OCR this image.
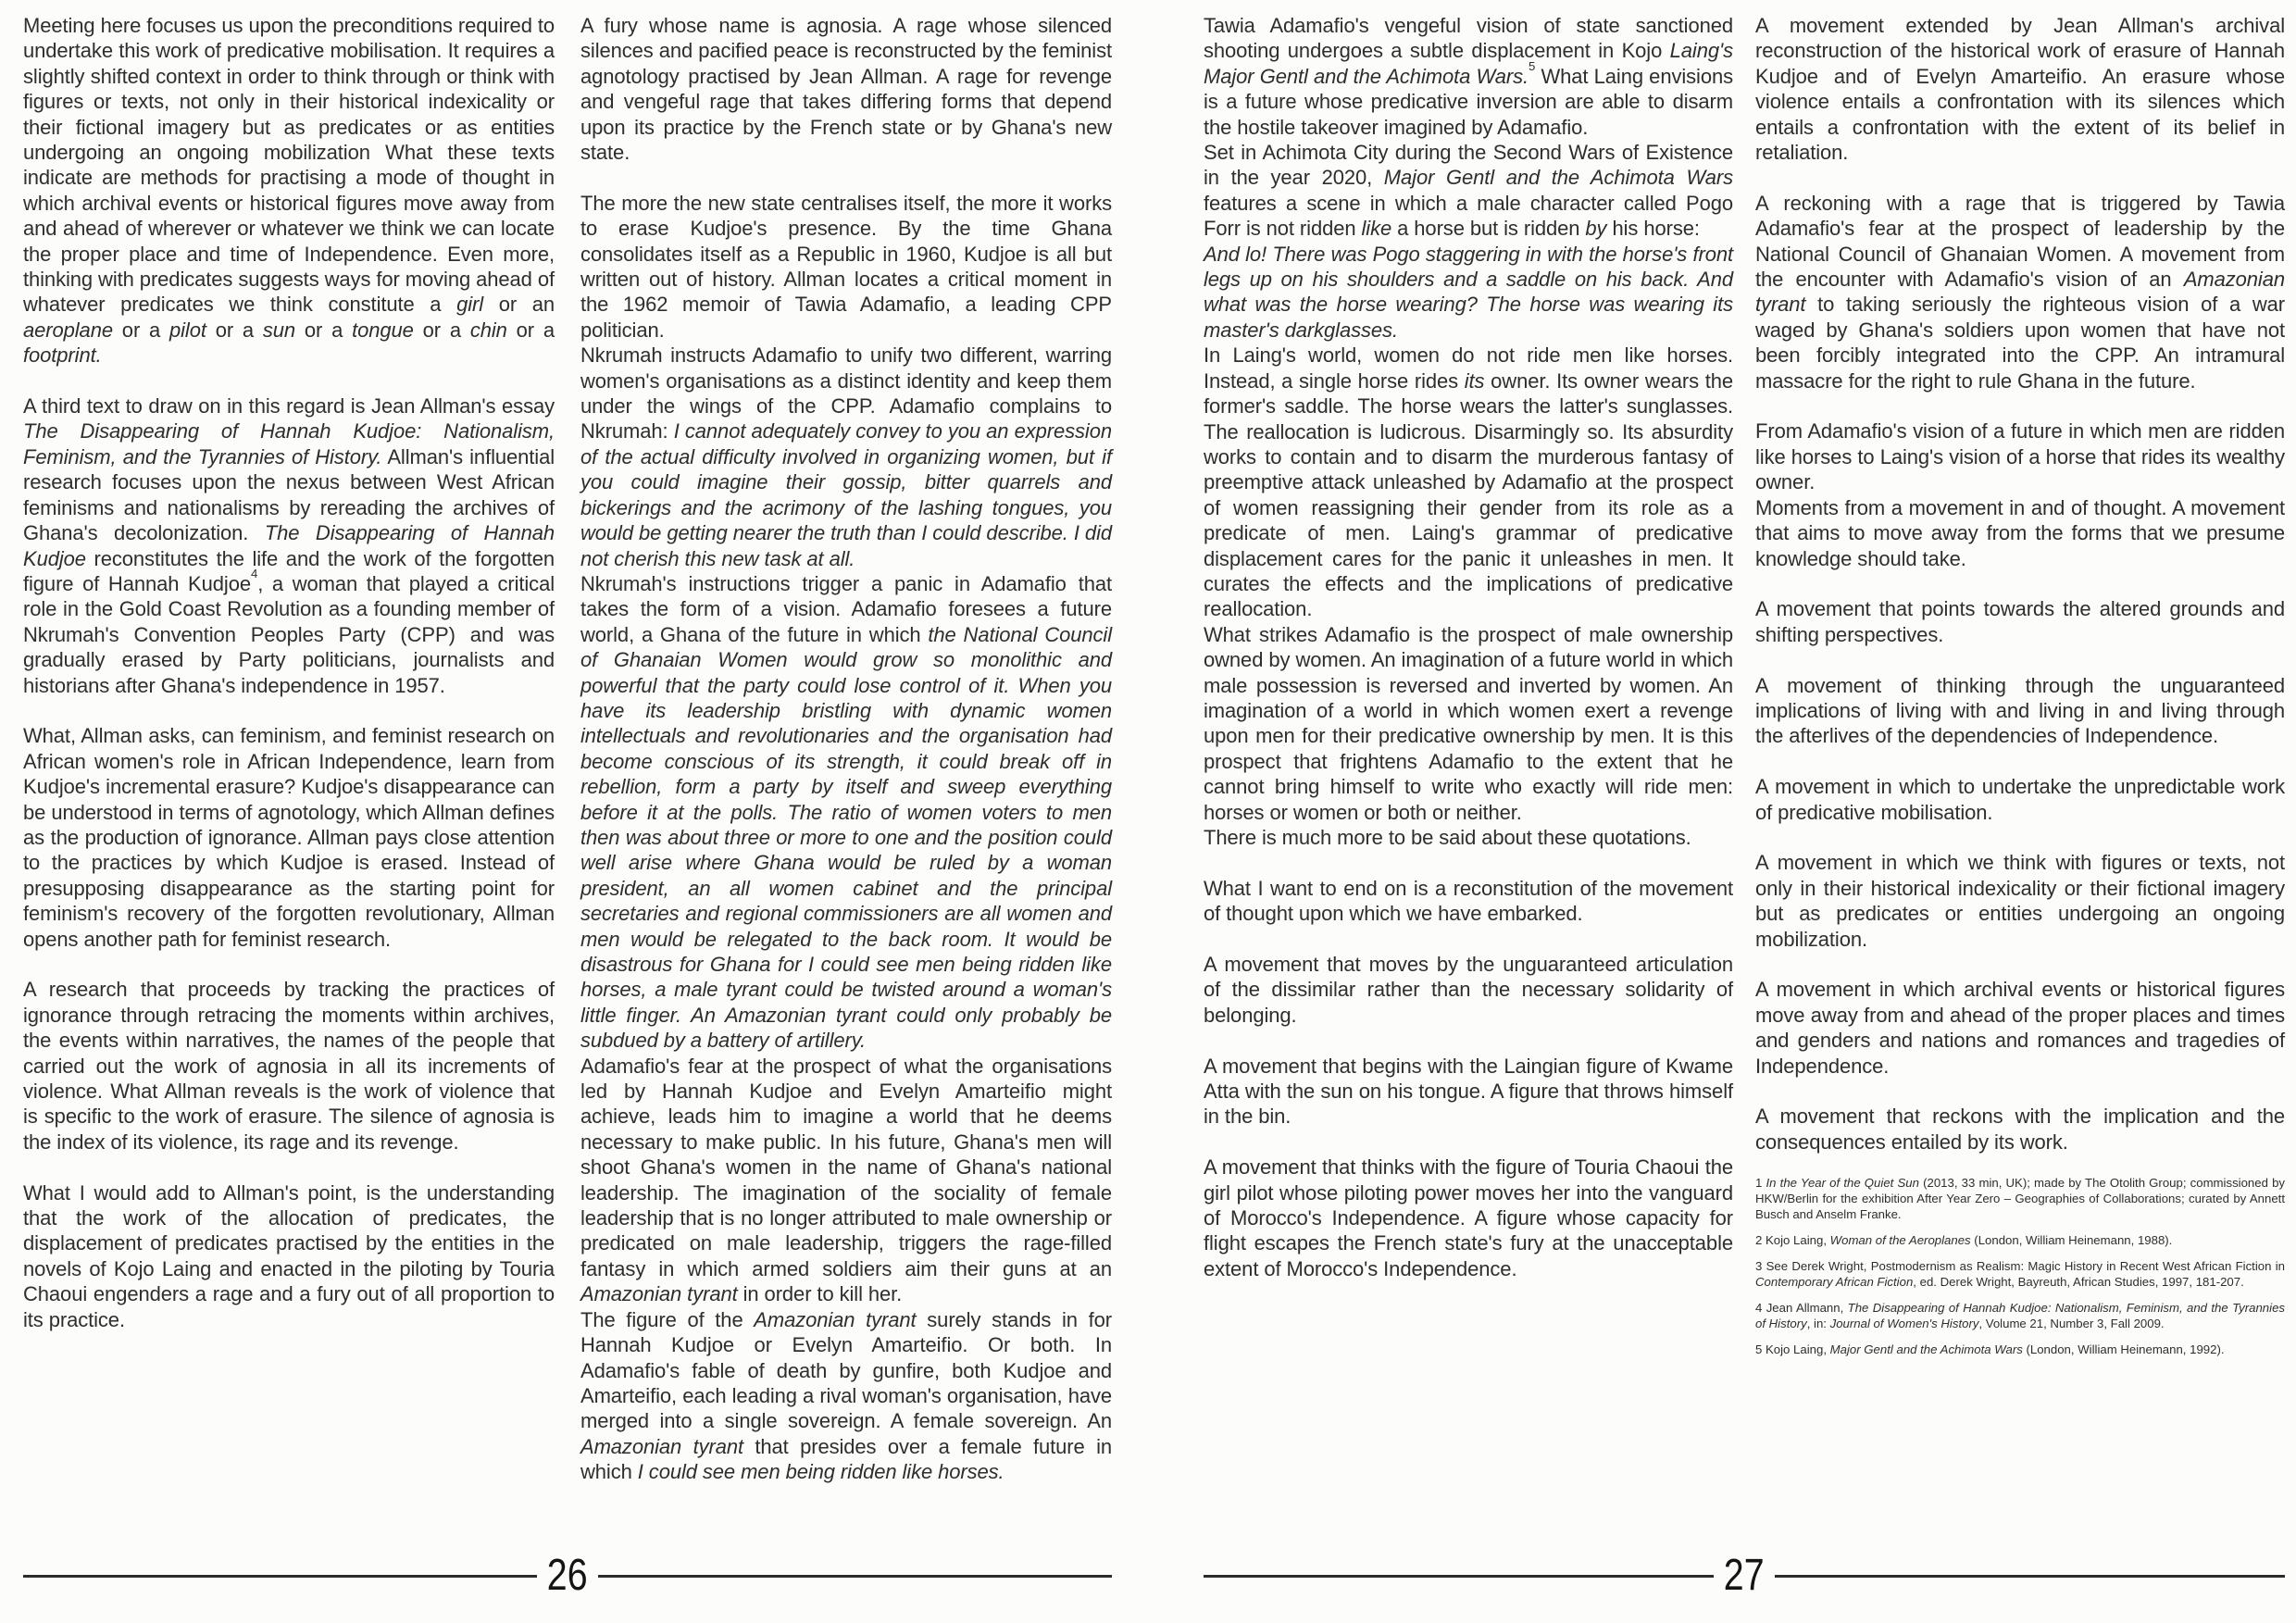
Meeting here focuses us upon the preconditions required to undertake this work of predicative mobilisation. It requires a slightly shifted context in order to think through or think with figures or texts, not only in their historical indexicality or their fictional imagery but as predicates or as entities undergoing an ongoing mobilization What these texts indicate are methods for practising a mode of thought in which archival events or historical figures move away from and ahead of wherever or whatever we think we can locate the proper place and time of Independence. Even more, thinking with predicates suggests ways for moving ahead of whatever predicates we think constitute a girl or an aeroplane or a pilot or a sun or a tongue or a chin or a footprint.

A third text to draw on in this regard is Jean Allman's essay The Disappearing of Hannah Kudjoe: Nationalism, Feminism, and the Tyrannies of History. Allman's influential research focuses upon the nexus between West African feminisms and nationalisms by rereading the archives of Ghana's decolonization. The Disappearing of Hannah Kudjoe reconstitutes the life and the work of the forgotten figure of Hannah Kudjoe$^4$, a woman that played a critical role in the Gold Coast Revolution as a founding member of Nkrumah's Convention Peoples Party (CPP) and was gradually erased by Party politicians, journalists and historians after Ghana's independence in 1957.

What, Allman asks, can feminism, and feminist research on African women's role in African Independence, learn from Kudjoe's incremental erasure? Kudjoe's disappearance can be understood in terms of agnotology, which Allman defines as the production of ignorance. Allman pays close attention to the practices by which Kudjoe is erased. Instead of presupposing disappearance as the starting point for feminism's recovery of the forgotten revolutionary, Allman opens another path for feminist research.

A research that proceeds by tracking the practices of ignorance through retracing the moments within archives, the events within narratives, the names of the people that carried out the work of agnosia in all its increments of violence. What Allman reveals is the work of violence that is specific to the work of erasure. The silence of agnosia is the index of its violence, its rage and its revenge.

What I would add to Allman's point, is the understanding that the work of the allocation of predicates, the displacement of predicates practised by the entities in the novels of Kojo Laing and enacted in the piloting by Touria Chaoui engenders a rage and a fury out of all proportion to its practice.

A fury whose name is agnosia. A rage whose silenced silences and pacified peace is reconstructed by the feminist agnotology practised by Jean Allman. A rage for revenge and vengeful rage that takes differing forms that depend upon its practice by the French state or by Ghana's new state.

The more the new state centralises itself, the more it works to erase Kudjoe's presence. By the time Ghana consolidates itself as a Republic in 1960, Kudjoe is all but written out of history. Allman locates a critical moment in the 1962 memoir of Tawia Adamafio, a leading CPP politician.

Nkrumah instructs Adamafio to unify two different, warring women's organisations as a distinct identity and keep them under the wings of the CPP. Adamafio complains to Nkrumah: I cannot adequately convey to you an expression of the actual difficulty involved in organizing women, but if you could imagine their gossip, bitter quarrels and bickerings and the acrimony of the lashing tongues, you would be getting nearer the truth than I could describe. I did not cherish this new task at all.

Nkrumah's instructions trigger a panic in Adamafio that takes the form of a vision. Adamafio foresees a future world, a Ghana of the future in which the National Council of Ghanaian Women would grow so monolithic and powerful that the party could lose control of it. When you have its leadership bristling with dynamic women intellectuals and revolutionaries and the organisation had become conscious of its strength, it could break off in rebellion, form a party by itself and sweep everything before it at the polls. The ratio of women voters to men then was about three or more to one and the position could well arise where Ghana would be ruled by a woman president, an all women cabinet and the principal secretaries and regional commissioners are all women and men would be relegated to the back room. It would be disastrous for Ghana for I could see men being ridden like horses, a male tyrant could be twisted around a woman's little finger. An Amazonian tyrant could only probably be subdued by a battery of artillery.

Adamafio's fear at the prospect of what the organisations led by Hannah Kudjoe and Evelyn Amarteifio might achieve, leads him to imagine a world that he deems necessary to make public. In his future, Ghana's men will shoot Ghana's women in the name of Ghana's national leadership. The imagination of the sociality of female leadership that is no longer attributed to male ownership or predicated on male leadership, triggers the rage-filled fantasy in which armed soldiers aim their guns at an Amazonian tyrant in order to kill her.

The figure of the Amazonian tyrant surely stands in for Hannah Kudjoe or Evelyn Amarteifio. Or both. In Adamafio's fable of death by gunfire, both Kudjoe and Amarteifio, each leading a rival woman's organisation, have merged into a single sovereign. A female sovereign. An Amazonian tyrant that presides over a female future in which I could see men being ridden like horses.

26

Tawia Adamafio's vengeful vision of state sanctioned shooting undergoes a subtle displacement in Kojo Laing's Major Gentl and the Achimota Wars.$^5$ What Laing envisions is a future whose predicative inversion are able to disarm the hostile takeover imagined by Adamafio.

Set in Achimota City during the Second Wars of Existence in the year 2020, Major Gentl and the Achimota Wars features a scene in which a male character called Pogo Forr is not ridden like a horse but is ridden by his horse:

And lo! There was Pogo staggering in with the horse's front legs up on his shoulders and a saddle on his back. And what was the horse wearing? The horse was wearing its master's darkglasses.

In Laing's world, women do not ride men like horses. Instead, a single horse rides its owner. Its owner wears the former's saddle. The horse wears the latter's sunglasses. The reallocation is ludicrous. Disarmingly so. Its absurdity works to contain and to disarm the murderous fantasy of preemptive attack unleashed by Adamafio at the prospect of women reassigning their gender from its role as a predicate of men. Laing's grammar of predicative displacement cares for the panic it unleashes in men. It curates the effects and the implications of predicative reallocation.

What strikes Adamafio is the prospect of male ownership owned by women. An imagination of a future world in which male possession is reversed and inverted by women. An imagination of a world in which women exert a revenge upon men for their predicative ownership by men. It is this prospect that frightens Adamafio to the extent that he cannot bring himself to write who exactly will ride men: horses or women or both or neither.

There is much more to be said about these quotations.

What I want to end on is a reconstitution of the movement of thought upon which we have embarked.

A movement that moves by the unguaranteed articulation of the dissimilar rather than the necessary solidarity of belonging.

A movement that begins with the Laingian figure of Kwame Atta with the sun on his tongue. A figure that throws himself in the bin.

A movement that thinks with the figure of Touria Chaoui the girl pilot whose piloting power moves her into the vanguard of Morocco's Independence. A figure whose capacity for flight escapes the French state's fury at the unacceptable extent of Morocco's Independence.

A movement extended by Jean Allman's archival reconstruction of the historical work of erasure of Hannah Kudjoe and of Evelyn Amarteifio. An erasure whose violence entails a confrontation with its silences which entails a confrontation with the extent of its belief in retaliation.

A reckoning with a rage that is triggered by Tawia Adamafio's fear at the prospect of leadership by the National Council of Ghanaian Women. A movement from the encounter with Adamafio's vision of an Amazonian tyrant to taking seriously the righteous vision of a war waged by Ghana's soldiers upon women that have not been forcibly integrated into the CPP. An intramural massacre for the right to rule Ghana in the future.

From Adamafio's vision of a future in which men are ridden like horses to Laing's vision of a horse that rides its wealthy owner.

Moments from a movement in and of thought. A movement that aims to move away from the forms that we presume knowledge should take.

A movement that points towards the altered grounds and shifting perspectives.

A movement of thinking through the unguaranteed implications of living with and living in and living through the afterlives of the dependencies of Independence.

A movement in which to undertake the unpredictable work of predicative mobilisation.

A movement in which we think with figures or texts, not only in their historical indexicality or their fictional imagery but as predicates or entities undergoing an ongoing mobilization.

A movement in which archival events or historical figures move away from and ahead of the proper places and times and genders and nations and romances and tragedies of Independence.

A movement that reckons with the implication and the consequences entailed by its work.

1 In the Year of the Quiet Sun (2013, 33 min, UK); made by The Otolith Group; commissioned by HKW/Berlin for the exhibition After Year Zero – Geographies of Collaborations; curated by Annett Busch and Anselm Franke.

2 Kojo Laing, Woman of the Aeroplanes (London, William Heinemann, 1988).

3 See Derek Wright, Postmodernism as Realism: Magic History in Recent West African Fiction in Contemporary African Fiction, ed. Derek Wright, Bayreuth, African Studies, 1997, 181-207.

4 Jean Allmann, The Disappearing of Hannah Kudjoe: Nationalism, Feminism, and the Tyrannies of History, in: Journal of Women's History, Volume 21, Number 3, Fall 2009.

5 Kojo Laing, Major Gentl and the Achimota Wars (London, William Heinemann, 1992).

27
